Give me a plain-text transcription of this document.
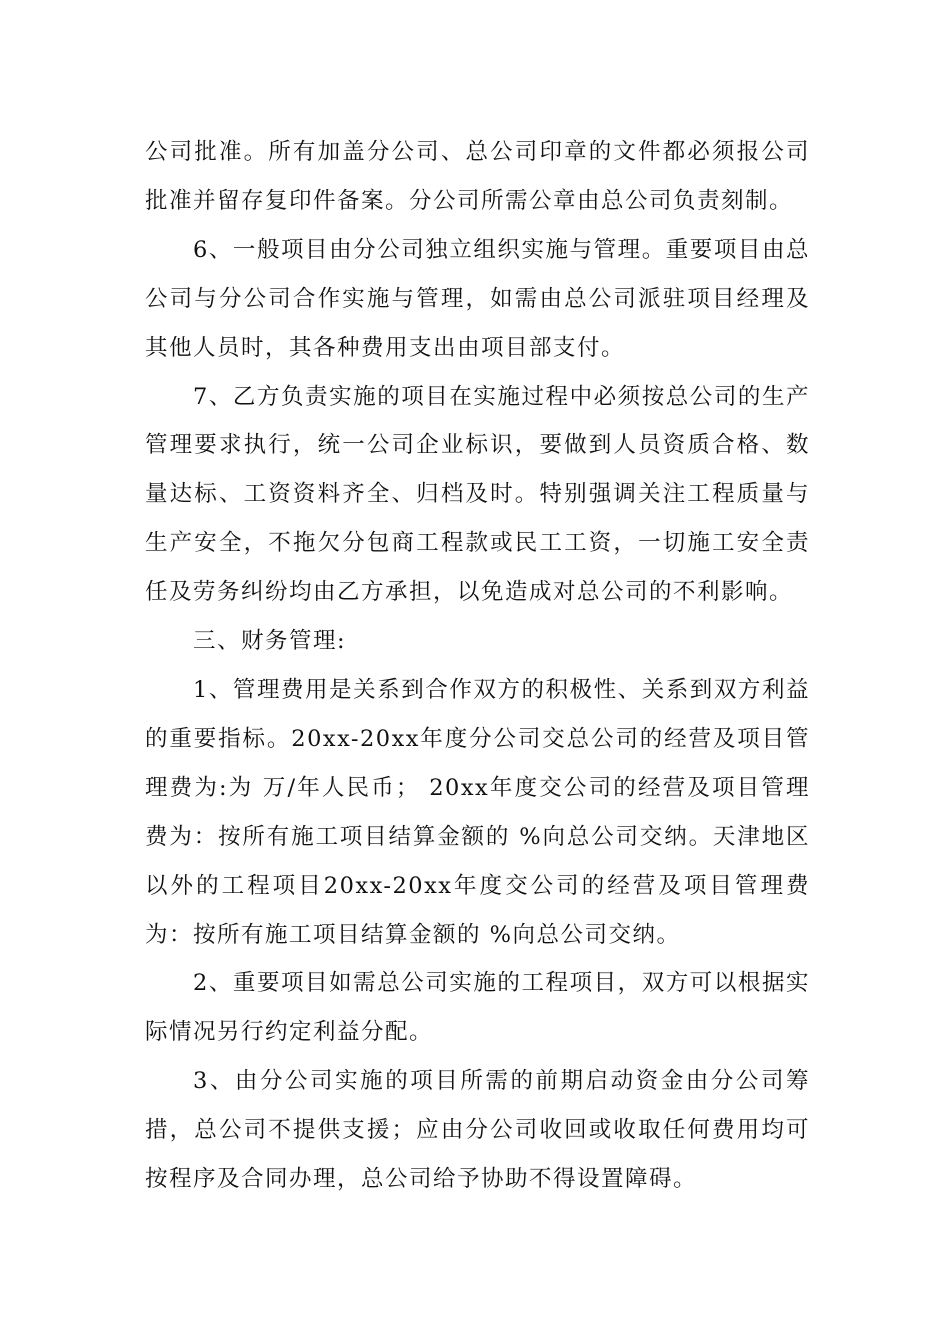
公司批准。所有加盖分公司、总公司印章的文件都必须报公司批准并留存复印件备案。分公司所需公章由总公司负责刻制。

6、一般项目由分公司独立组织实施与管理。重要项目由总公司与分公司合作实施与管理，如需由总公司派驻项目经理及其他人员时，其各种费用支出由项目部支付。

7、乙方负责实施的项目在实施过程中必须按总公司的生产管理要求执行，统一公司企业标识，要做到人员资质合格、数量达标、工资资料齐全、归档及时。特别强调关注工程质量与生产安全，不拖欠分包商工程款或民工工资，一切施工安全责任及劳务纠纷均由乙方承担，以免造成对总公司的不利影响。

三、财务管理:

1、管理费用是关系到合作双方的积极性、关系到双方利益的重要指标。20xx-20xx年度分公司交总公司的经营及项目管理费为:为 万/年人民币； 20xx年度交公司的经营及项目管理费为：按所有施工项目结算金额的 %向总公司交纳。天津地区以外的工程项目20xx-20xx年度交公司的经营及项目管理费为：按所有施工项目结算金额的 %向总公司交纳。

2、重要项目如需总公司实施的工程项目，双方可以根据实际情况另行约定利益分配。

3、由分公司实施的项目所需的前期启动资金由分公司筹措，总公司不提供支援；应由分公司收回或收取任何费用均可按程序及合同办理，总公司给予协助不得设置障碍。
